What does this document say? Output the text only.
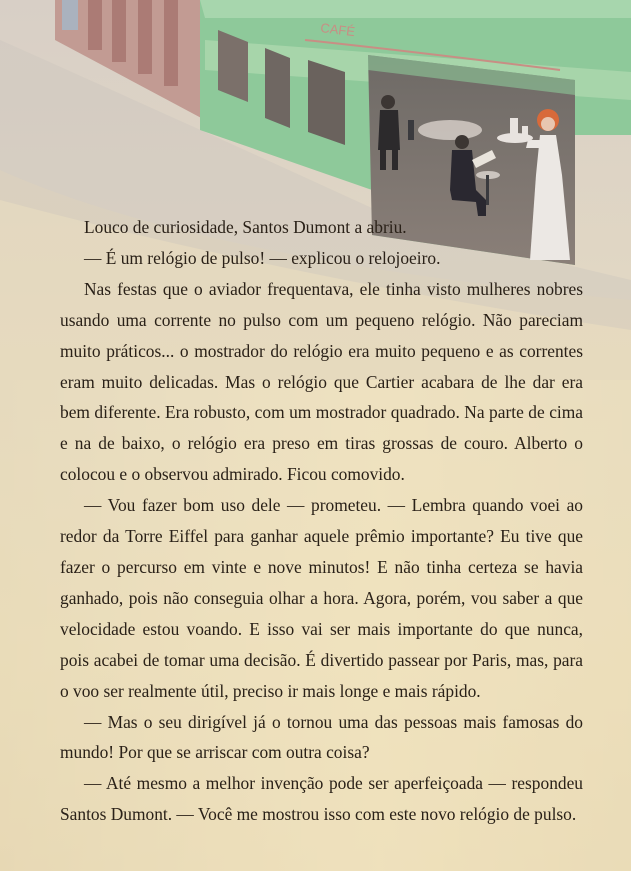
CAFÉ

Louco de curiosidade, Santos Dumont a abriu.

— É um relógio de pulso! — explicou o relojoeiro.

Nas festas que o aviador frequentava, ele tinha visto mulheres nobres usando uma corrente no pulso com um pequeno relógio. Não pareciam muito práticos... o mostrador do relógio era muito pequeno e as correntes eram muito delicadas. Mas o relógio que Cartier acabara de lhe dar era bem diferente. Era robusto, com um mostrador quadrado. Na parte de cima e na de baixo, o relógio era preso em tiras grossas de couro. Alberto o colocou e o observou admirado. Ficou comovido.

— Vou fazer bom uso dele — prometeu. — Lembra quando voei ao redor da Torre Eiffel para ganhar aquele prêmio importante? Eu tive que fazer o percurso em vinte e nove minutos! E não tinha certeza se havia ganhado, pois não conseguia olhar a hora. Agora, porém, vou saber a que velocidade estou voando. E isso vai ser mais importante do que nunca, pois acabei de tomar uma decisão. É divertido passear por Paris, mas, para o voo ser realmente útil, preciso ir mais longe e mais rápido.

— Mas o seu dirigível já o tornou uma das pessoas mais famosas do mundo! Por que se arriscar com outra coisa?

— Até mesmo a melhor invenção pode ser aperfeiçoada — respondeu Santos Dumont. — Você me mostrou isso com este novo relógio de pulso.
